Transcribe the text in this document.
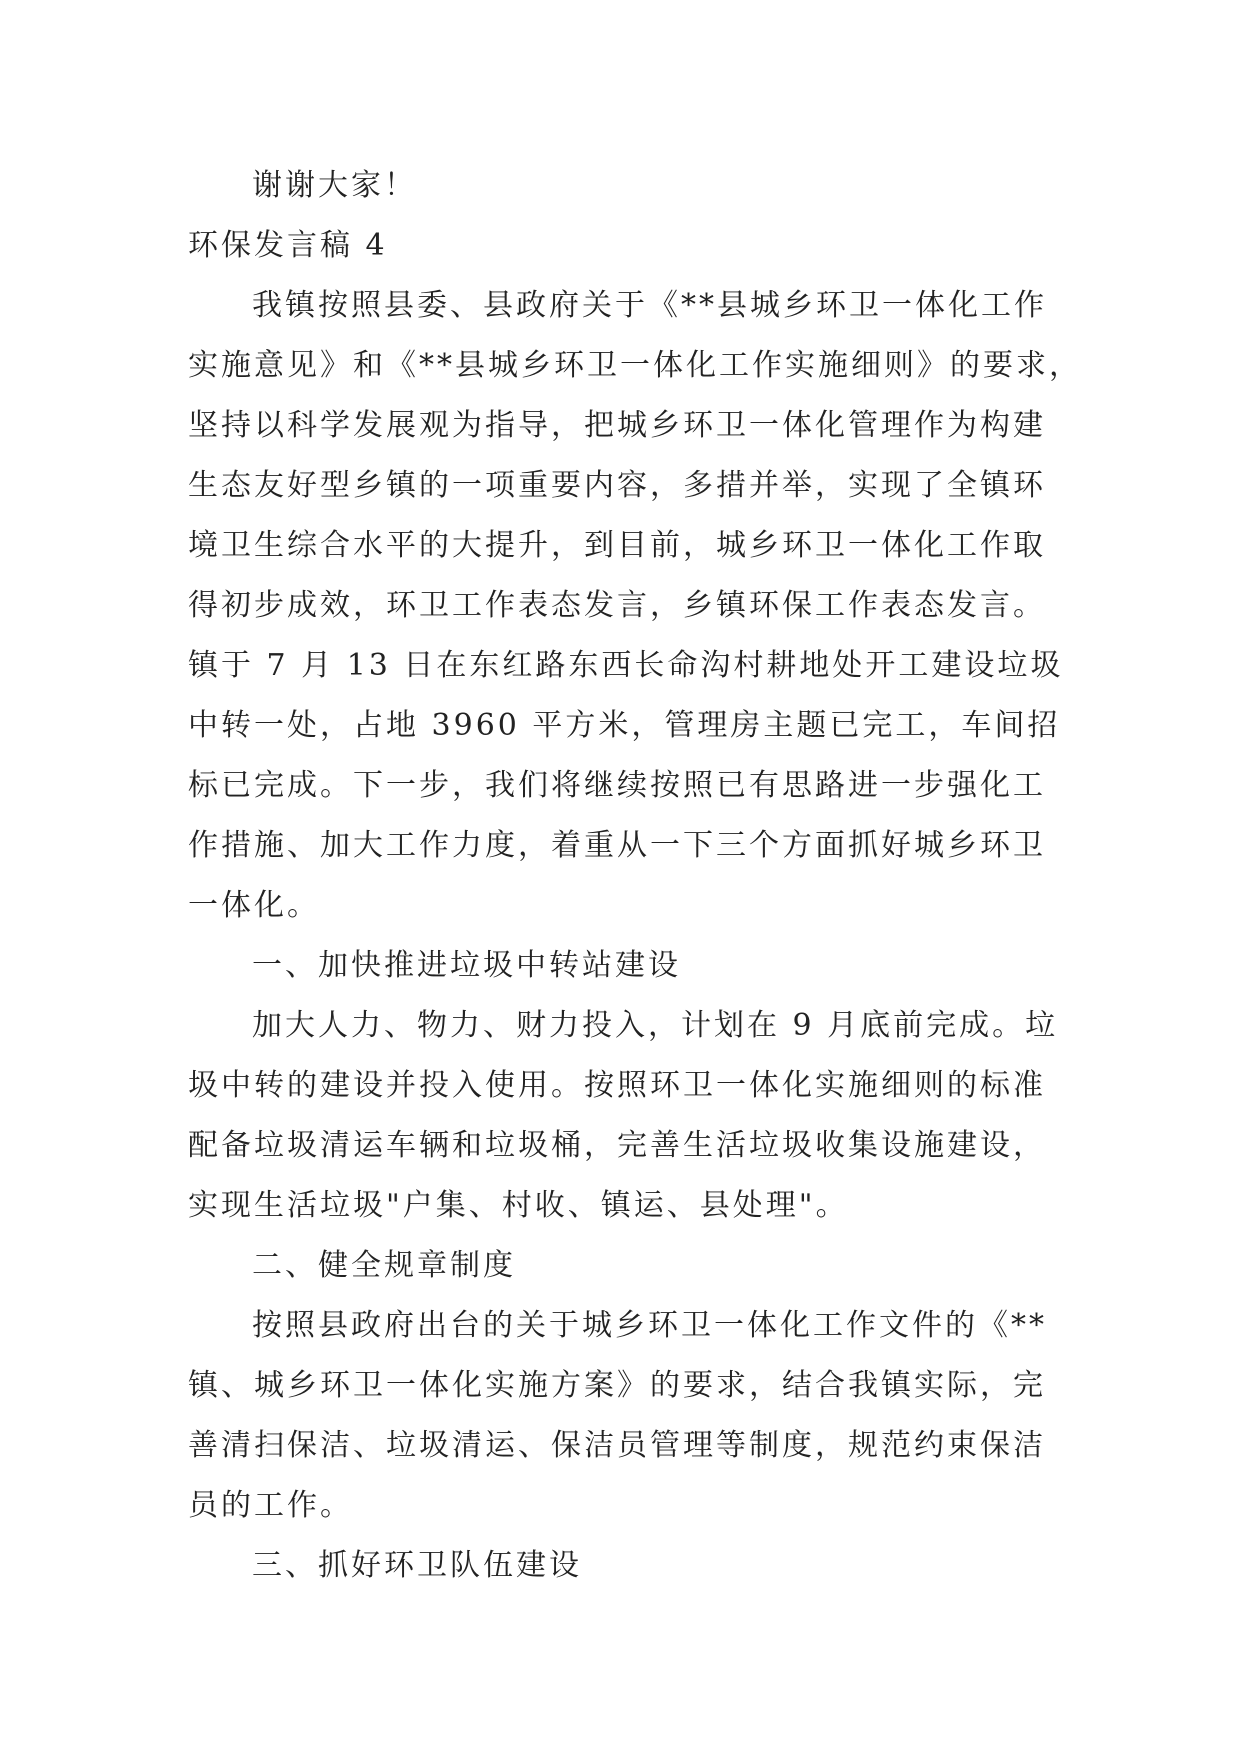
谢谢大家！
环保发言稿 4
我镇按照县委、县政府关于《**县城乡环卫一体化工作
实施意见》和《**县城乡环卫一体化工作实施细则》的要求，
坚持以科学发展观为指导，把城乡环卫一体化管理作为构建
生态友好型乡镇的一项重要内容，多措并举，实现了全镇环
境卫生综合水平的大提升，到目前，城乡环卫一体化工作取
得初步成效，环卫工作表态发言，乡镇环保工作表态发言。
镇于 7 月 13 日在东红路东西长命沟村耕地处开工建设垃圾
中转一处，占地 3960 平方米，管理房主题已完工，车间招
标已完成。下一步，我们将继续按照已有思路进一步强化工
作措施、加大工作力度，着重从一下三个方面抓好城乡环卫
一体化。
一、加快推进垃圾中转站建设
加大人力、物力、财力投入，计划在 9 月底前完成。垃
圾中转的建设并投入使用。按照环卫一体化实施细则的标准
配备垃圾清运车辆和垃圾桶，完善生活垃圾收集设施建设，
实现生活垃圾"户集、村收、镇运、县处理"。
二、健全规章制度
按照县政府出台的关于城乡环卫一体化工作文件的《**
镇、城乡环卫一体化实施方案》的要求，结合我镇实际，完
善清扫保洁、垃圾清运、保洁员管理等制度，规范约束保洁
员的工作。
三、抓好环卫队伍建设
